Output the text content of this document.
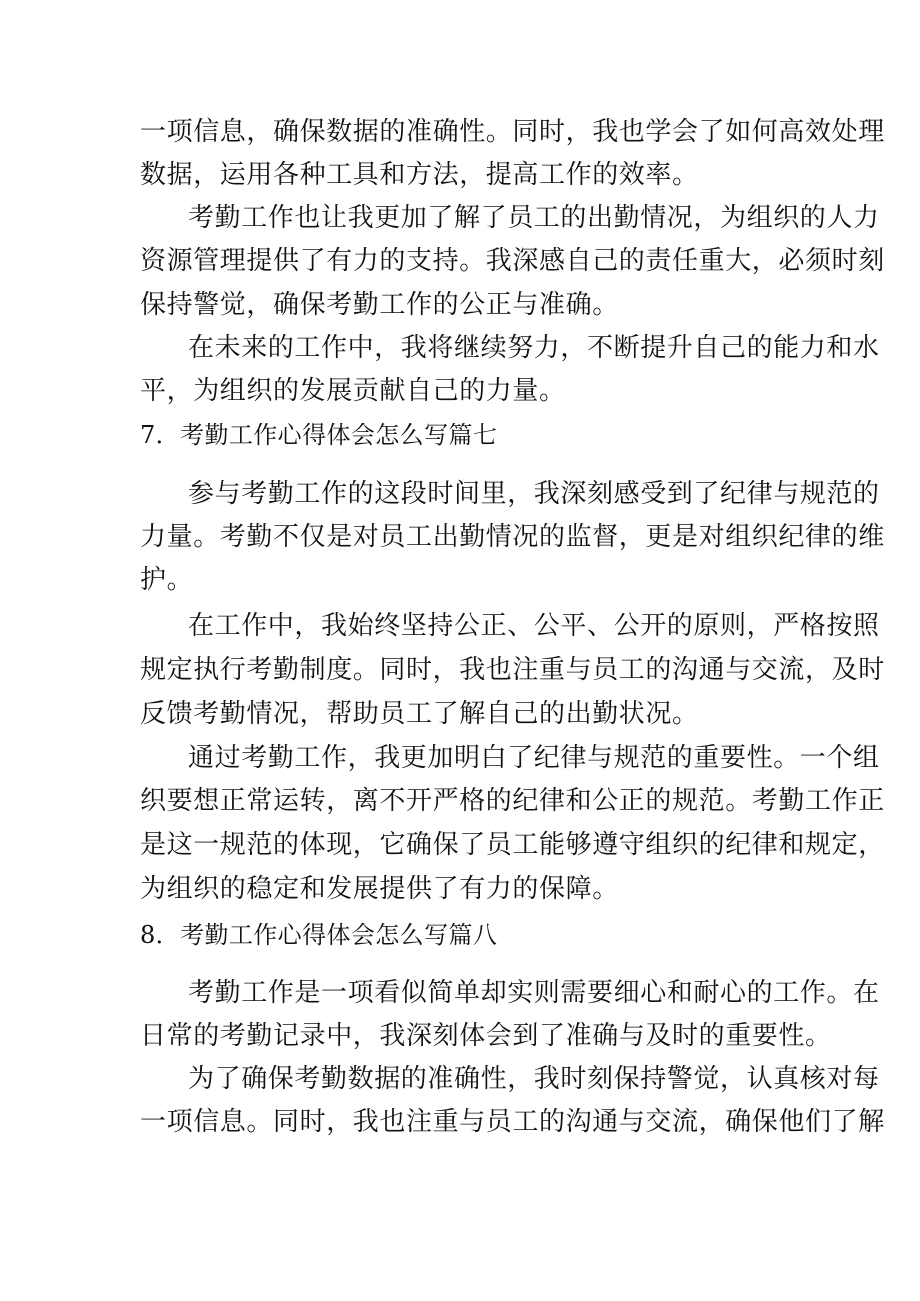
一项信息，确保数据的准确性。同时，我也学会了如何高效处理
数据，运用各种工具和方法，提高工作的效率。
考勤工作也让我更加了解了员工的出勤情况，为组织的人力
资源管理提供了有力的支持。我深感自己的责任重大，必须时刻
保持警觉，确保考勤工作的公正与准确。
在未来的工作中，我将继续努力，不断提升自己的能力和水
平，为组织的发展贡献自己的力量。
7．考勤工作心得体会怎么写篇七
参与考勤工作的这段时间里，我深刻感受到了纪律与规范的
力量。考勤不仅是对员工出勤情况的监督，更是对组织纪律的维
护。
在工作中，我始终坚持公正、公平、公开的原则，严格按照
规定执行考勤制度。同时，我也注重与员工的沟通与交流，及时
反馈考勤情况，帮助员工了解自己的出勤状况。
通过考勤工作，我更加明白了纪律与规范的重要性。一个组
织要想正常运转，离不开严格的纪律和公正的规范。考勤工作正
是这一规范的体现，它确保了员工能够遵守组织的纪律和规定，
为组织的稳定和发展提供了有力的保障。
8．考勤工作心得体会怎么写篇八
考勤工作是一项看似简单却实则需要细心和耐心的工作。在
日常的考勤记录中，我深刻体会到了准确与及时的重要性。
为了确保考勤数据的准确性，我时刻保持警觉，认真核对每
一项信息。同时，我也注重与员工的沟通与交流，确保他们了解
